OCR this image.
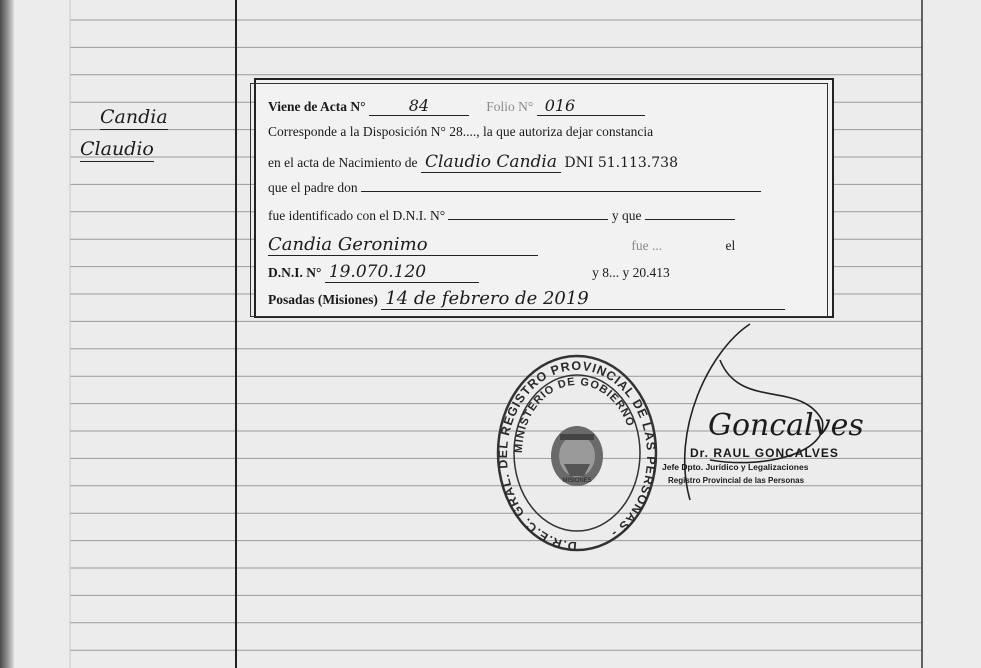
Candia
Claudio
Viene de Acta N°	84	Folio N° 016
Corresponde a la Disposición N° 28...., la que autoriza dejar constancia
en el acta de Nacimiento de Claudio Candia DNI 51.113.738
que el padre don
fue identificado con el D.N.I. N°	y que
Candia Geronimo	fue ...	el
D.N.I. N° 19.070.120	y 8... y 20.413
Posadas (Misiones) 14 de febrero de 2019
D.R.E.C. GRAL. DEL REGISTRO PROVINCIAL DE LAS PERSONAS -
MINISTERIO DE GOBIERNO
MISIONES
Goncalves
Dr. RAUL GONCALVES
Jefe Dpto. Jurídico y Legalizaciones
Registro Provincial de las Personas
